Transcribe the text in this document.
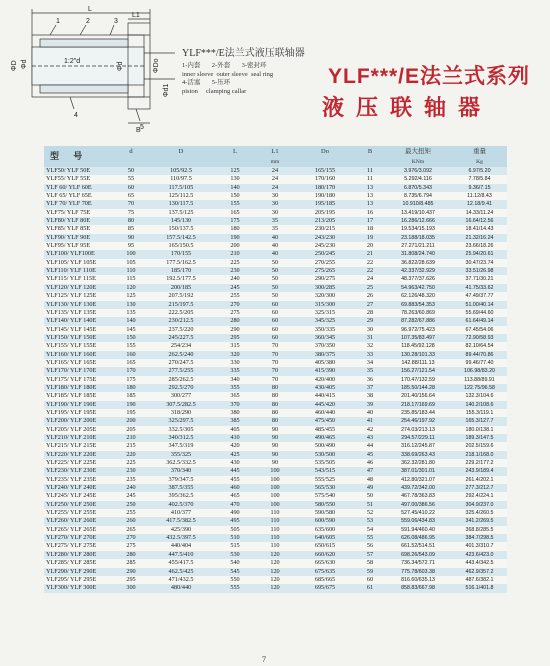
L
L1
1:2"d
ΦD Φd	Φd	ΦDo
Φd1
B
1	2	3
4
5
YLF***/E法兰式液压联轴器
1-内套 2-外套 3-密封环
inner sleeve outer sleeve seal ring
4-活塞 5-压环
piston clamping callar
YLF***/E法兰式系列
液压联轴器
型 号	d	D	L	L1	Do	B	最大扭矩	重量
				mm			KNm	Kg
YLF50/ YLF 50E	50	105/92.5	125	24	165/155	11	3.976/3.092	6.97/5.20
YLF55/ YLF 55E	55	110/97.5	130	24	170/160	11	5.292/4.116	7.78/5.84
YLF 60/ YLF 60E	60	117.5/105	140	24	180/170	13	6.870/5.343	9.36/7.15
YLF 65/ YLF 65E	65	125/112.5	150	30	190/180	13	8.735/6.794	11.12/8.43
YLF 70/ YLF 70E	70	130/117.5	155	30	195/185	13	10.910/8.485	12.18/9.41
YLF75/ YLF 75E	75	137.5/125	165	30	205/195	16	13.419/10.437	14.33/11.24
YLF80/ YLF 80E	80	145/130	175	35	213/205	17	16.286/12.666	16.64/12.56
YLF85/ YLF 85E	85	150/137.5	180	35	230/215	18	19.534/15.193	18.41/14.43
YLF90/ YLF 90E	90	157.5/142.5	190	40	243/230	19	23.188/18.035	21.32/16.24
YLF95/ YLF 95E	95	165/150.5	200	40	245/230	20	27.271/21.211	23.66/18.26
YLF100/ YLF100E	100	170/155	210	40	250/245	21	31.808/24.740	25.94/20.61
YLF105/ YLF 105E	105	177.5/162.5	225	50	270/255	22	36.822/28.639	30.47/23.74
YLF110/ YLF 110E	110	185/170	230	50	275/265	22	42.337/32.929	33.51/26.98
YLF115/ YLF 115E	115	192.5/177.5	240	50	290/275	24	48.377/37.626	37.71/30.21
YLF120/ YLF 120E	120	200/185	245	50	300/285	25	54.963/42.750	41.75/33.62
YLF125/ YLF 125E	125	207.5/192	255	50	320/300	26	62.126/48.320	47.49/37.77
YLF130/ YLF 130E	130	215/197.5	270	60	315/300	27	69.883/54.353	51.00/40.14
YLF135/ YLF 135E	135	222.5/205	275	60	325/315	28	78.263/60.869	55.69/44.60
YLF140/ YLF 140E	140	230/212.5	280	60	345/325	29	87.282/67.886	61.64/49.14
YLF145/ YLF 145E	145	237.5/220	290	60	350/335	30	96.972/75.423	67.45/54.06
YLF150/ YLF 150E	150	245/227.5	295	60	360/345	31	107.35/83.497	72.90/58.93
YLF155/ YLF 155E	155	254/234	315	70	370/350	32	118.45/92.128	82.10/64.54
YLF160/ YLF 160E	160	262.5/240	320	70	380/375	33	130.28/101.33	89.44/70.86
YLF165/ YLF 165E	165	270/247.5	330	70	405/380	34	142.88/111.13	99.46/77.40
YLF170/ YLF 170E	170	277.5/255	335	70	415/390	35	156.27/121.54	106.98/83.20
YLF175/ YLF 175E	175	285/262.5	340	70	420/400	36	170.47/132.59	113.88/89.91
YLF180/ YLF 180E	180	292.5/270	355	80	430/405	37	185.50/144.28	122.75/96.58
YLF185/ YLF 185E	185	300/277	365	80	440/415	38	201.40/156.64	132.3/104.6
YLF190/ YLF 190E	190	307.5/282.5	370	80	445/420	39	218.17/169.69	140.2/108.6
YLF195/ YLF 195E	195	318/290	380	80	460/440	40	235.85/183.44	155.3/119.1
YLF200/ YLF 200E	200	325/297.5	385	80	475/450	41	254.46/197.92	165.3/127.7
YLF205/ YLF 205E	205	332.5/305	405	90	485/455	42	274.03/213.13	180.0/138.1
YLF210/ YLF 210E	210	340/312.5	410	90	490/465	43	294.57/229.11	189.3/147.5
YLF215/ YLF 215E	215	347.5/319	420	90	500/490	44	316.12/245.87	202.5/159.6
YLF220/ YLF 220E	220	355/325	425	90	530/500	45	338.69/263.43	218.1/168.0
YLF225/ YLF 225E	225	362.5/332.5	430	90	535/505	46	362.32/281.80	229.2/177.2
YLF230/ YLF 230E	230	370/340	445	100	543/515	47	387.01/301.01	243.9/189.4
YLF235/ YLF 235E	235	379/347.5	455	100	555/525	48	412.80/321.07	261.4/202.1
YLF240/ YLF 240E	240	387.5/355	460	100	565/530	49	439.72/342.00	277.3/212.7
YLF245/ YLF 245E	245	395/362.5	465	100	575/540	50	467.78/363.83	292.4/224.1
YLF250/ YLF 250E	250	402.5/370	470	100	580/550	51	497.00/386.56	304.9/237.0
YLF255/ YLF 255E	255	410/377	490	110	590/580	52	527.45/410.22	325.4/260.5
YLF260/ YLF 260E	260	417.5/382.5	495	110	600/590	53	559.06/434.83	341.2/269.5
YLF265/ YLF 265E	265	425/390	505	110	635/600	54	591.94/460.40	368.8/285.5
YLF270/ YLF 270E	270	432.5/397.5	510	110	640/605	55	626.08/486.95	384.7/298.5
YLF275/ YLF 275E	275	440/404	515	110	650/615	56	661.52/514.51	401.3/310.7
YLF280/ YLF 280E	280	447.5/410	530	120	660/620	57	698.26/543.09	423.6/423.0
YLF285/ YLF 285E	285	455/417.5	540	120	665/630	58	736.34/572.71	443.4/342.5
YLF290/ YLF 290E	290	462.5/425	545	120	675/635	59	775.78/603.38	462.9/357.2
YLF295/ YLF 295E	295	471/432.5	550	120	685/665	60	816.60/635.13	487.6/382.1
YLF300/ YLF 300E	300	480/440	555	120	695/675	61	858.83/667.98	516.1/401.8
7
